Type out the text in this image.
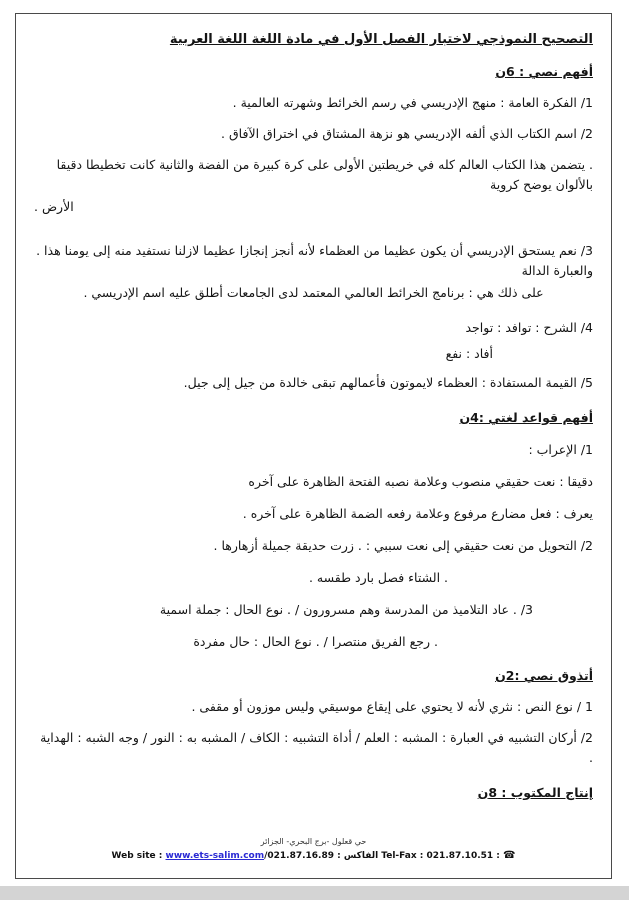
التصحيح النموذجي لاختبار الفصل الأول في مادة اللغة اللغة العربية
أفهم نصي : 6ن
1/ الفكرة العامة : منهج الإدريسي في رسم الخرائط وشهرته العالمية .
2/ اسم الكتاب الذي ألفه الإدريسي هو نزهة المشتاق في اختراق الآفاق .
. يتضمن هذا الكتاب العالم كله في خريطتين الأولى على كرة كبيرة من الفضة والثانية كانت تخطيطا دقيقا بالألوان يوضح كروية
الأرض .
3/ نعم يستحق الإدريسي أن يكون عظيما من العظماء لأنه أنجز إنجازا عظيما لازلنا نستفيد منه إلى يومنا هذا . والعبارة الدالة
على ذلك هي : برنامج الخرائط العالمي المعتمد لدى الجامعات أطلق عليه اسم الإدريسي .
4/ الشرح : توافد : تواجد
أفاد : نفع
5/ القيمة المستفادة : العظماء لايموتون فأعمالهم تبقى خالدة من جيل إلى جيل.
أفهم قواعد لغتي :4ن
1/ الإعراب :
دقيقا : نعت حقيقي منصوب وعلامة نصبه الفتحة الظاهرة على آخره
يعرف : فعل مضارع مرفوع وعلامة رفعه الضمة الظاهرة على آخره .
2/ التحويل من نعت حقيقي إلى نعت سببي : . زرت حديقة جميلة أزهارها .
. الشتاء فصل بارد طقسه .
3/ . عاد التلاميذ من المدرسة وهم مسرورون / . نوع الحال : جملة اسمية
. رجع الفريق منتصرا / . نوع الحال : حال مفردة
أتذوق نصي :2ن
1 / نوع النص : نثري لأنه لا يحتوي على إيقاع موسيقي وليس موزون أو مقفى .
2/ أركان التشبيه في العبارة : المشبه : العلم / أداة التشبيه : الكاف / المشبه به : النور / وجه الشبه : الهداية .
إنتاج المكتوب : 8ن
حي قعلول -برج البحري- الجزائر
Web site : www.ets-salim.com/021.87.16.89 : الفاكس Tel-Fax : 021.87.10.51 : ☎
